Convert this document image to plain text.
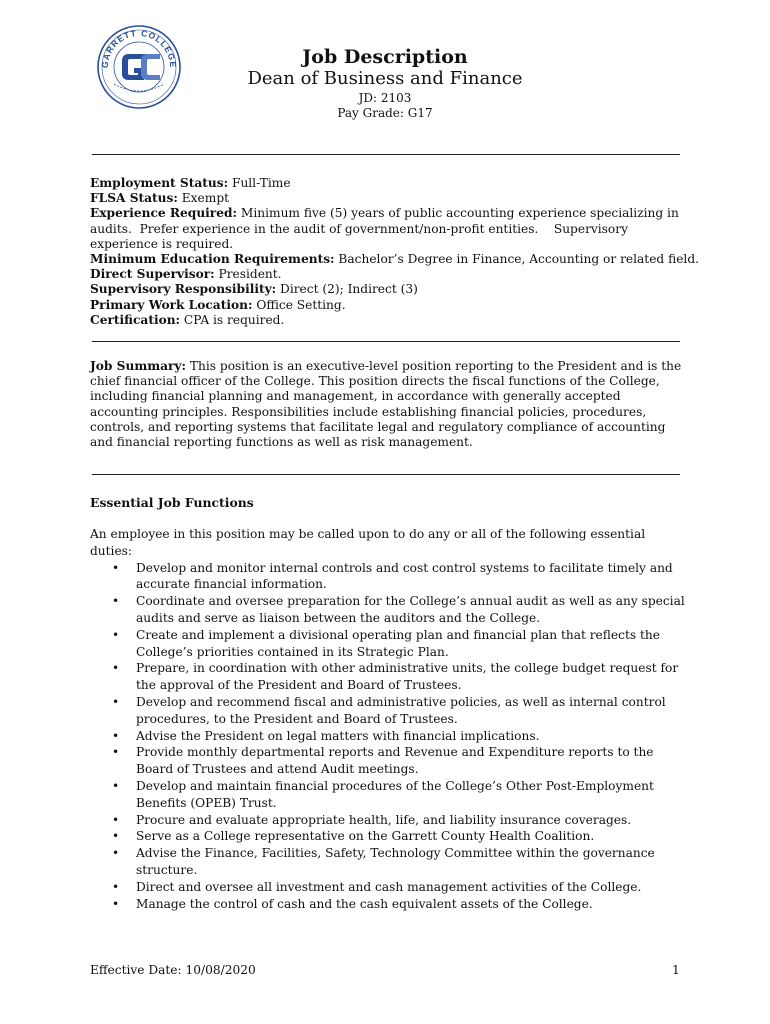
GARRETT COLLEGE	Job Description
Dean of Business and Finance
JD: 2103
Pay Grade: G17

Employment Status: Full-Time

FLSA Status: Exempt

Experience Required: Minimum five (5) years of public accounting experience specializing in

audits.  Prefer experience in the audit of government/non-profit entities.    Supervisory

experience is required.

Minimum Education Requirements: Bachelor’s Degree in Finance, Accounting or related field.

Direct Supervisor: President.

Supervisory Responsibility: Direct (2); Indirect (3)

Primary Work Location: Office Setting.

Certification: CPA is required.

Job Summary: This position is an executive-level position reporting to the President and is the

chief financial officer of the College. This position directs the fiscal functions of the College,

including financial planning and management, in accordance with generally accepted

accounting principles. Responsibilities include establishing financial policies, procedures,

controls, and reporting systems that facilitate legal and regulatory compliance of accounting

and financial reporting functions as well as risk management.

Essential Job Functions

An employee in this position may be called upon to do any or all of the following essential

duties:

• Develop and monitor internal controls and cost control systems to facilitate timely and
accurate financial information.
• Coordinate and oversee preparation for the College’s annual audit as well as any special
audits and serve as liaison between the auditors and the College.
• Create and implement a divisional operating plan and financial plan that reflects the
College’s priorities contained in its Strategic Plan.
• Prepare, in coordination with other administrative units, the college budget request for
the approval of the President and Board of Trustees.
• Develop and recommend fiscal and administrative policies, as well as internal control
procedures, to the President and Board of Trustees.
• Advise the President on legal matters with financial implications.
• Provide monthly departmental reports and Revenue and Expenditure reports to the
Board of Trustees and attend Audit meetings.
• Develop and maintain financial procedures of the College’s Other Post-Employment
Benefits (OPEB) Trust.
• Procure and evaluate appropriate health, life, and liability insurance coverages.
• Serve as a College representative on the Garrett County Health Coalition.
• Advise the Finance, Facilities, Safety, Technology Committee within the governance
structure.
• Direct and oversee all investment and cash management activities of the College.
• Manage the control of cash and the cash equivalent assets of the College.
Effective Date: 10/08/2020	1
